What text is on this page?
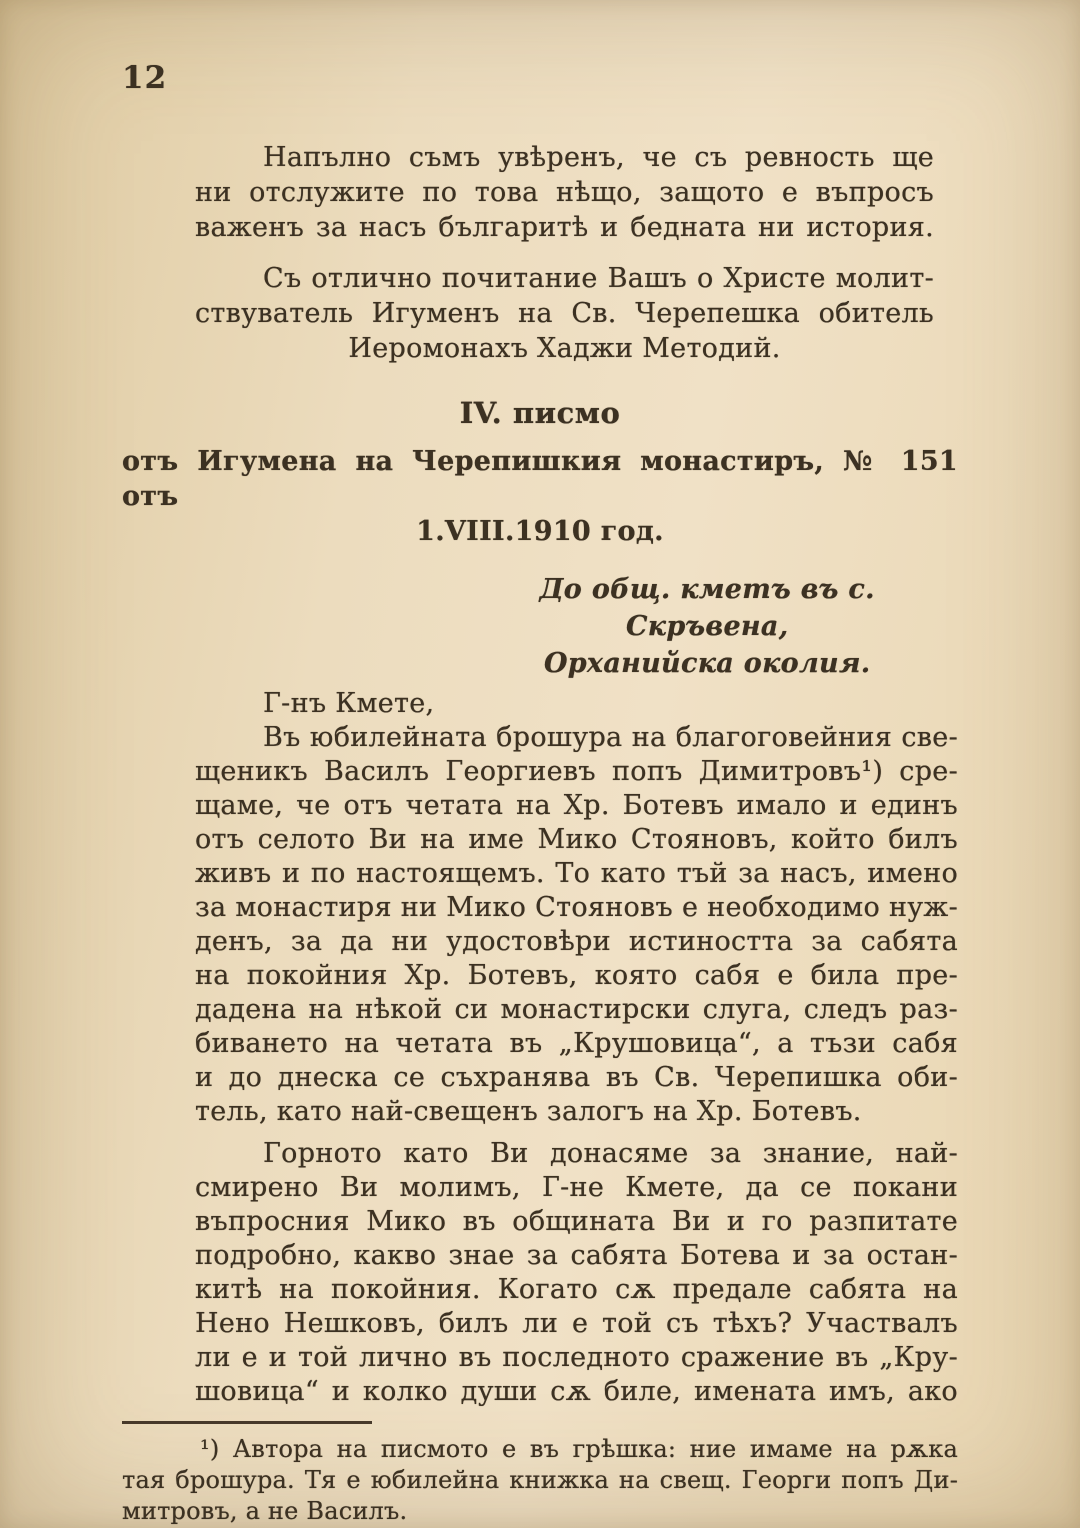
12
Напълно съмъ увѣренъ, че съ ревность ще
ни отслужите по това нѣщо, защото е въпросъ
важенъ за насъ българитѣ и бедната ни история.
Съ отлично почитание Вашъ о Христе молит-
ствуватель Игуменъ на Св. Черепешка обитель
Иеромонахъ Хаджи Методий.
IV. писмо
отъ Игумена на Черепишкия монастиръ, № 151 отъ
1.VIII.1910 год.
До общ. кметъ въ с. Скръвена,
Орханийска околия.
Г-нъ Кмете,
Въ юбилейната брошура на благоговейния све-
щеникъ Василъ Георгиевъ попъ Димитровъ¹) сре-
щаме, че отъ четата на Хр. Ботевъ имало и единъ
отъ селото Ви на име Мико Стояновъ, който билъ
живъ и по настоящемъ. То като тъй за насъ, имено
за монастиря ни Мико Стояновъ е необходимо нуж-
денъ, за да ни удостовѣри истиността за сабята
на покойния Хр. Ботевъ, която сабя е била пре-
дадена на нѣкой си монастирски слуга, следъ раз-
биването на четата въ „Крушовица“, а тъзи сабя
и до днеска се съхранява въ Св. Черепишка оби-
тель, като най-свещенъ залогъ на Хр. Ботевъ.
Горното като Ви донасяме за знание, най-
смирено Ви молимъ, Г-не Кмете, да се покани
въпросния Мико въ общината Ви и го разпитате
подробно, какво знае за сабята Ботева и за остан-
китѣ на покойния. Когато сѫ предале сабята на
Нено Нешковъ, билъ ли е той съ тѣхъ? Участвалъ
ли е и той лично въ последното сражение въ „Кру-
шовица“ и колко души сѫ биле, имената имъ, ако
¹) Автора на писмото е въ грѣшка: ние имаме на рѫка
тая брошура. Тя е юбилейна книжка на свещ. Георги попъ Ди-
митровъ, а не Василъ.
